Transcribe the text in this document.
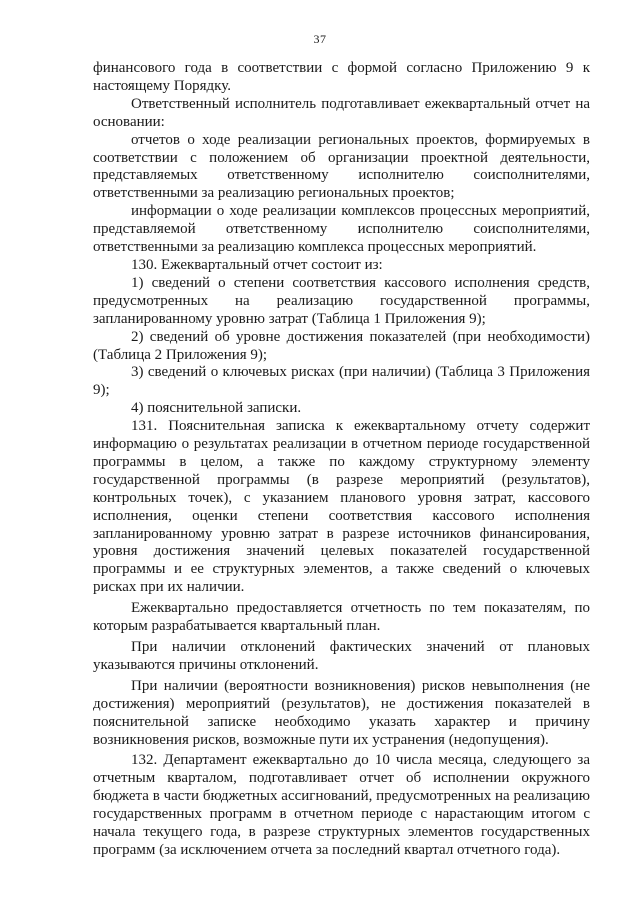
37

финансового года в соответствии с формой согласно Приложению 9 к настоящему Порядку.

Ответственный исполнитель подготавливает ежеквартальный отчет на основании:

отчетов о ходе реализации региональных проектов, формируемых в соответствии с положением об организации проектной деятельности, представляемых ответственному исполнителю соисполнителями, ответственными за реализацию региональных проектов;

информации о ходе реализации комплексов процессных мероприятий, представляемой ответственному исполнителю соисполнителями, ответственными за реализацию комплекса процессных мероприятий.

130. Ежеквартальный отчет состоит из:

1) сведений о степени соответствия кассового исполнения средств, предусмотренных на реализацию государственной программы, запланированному уровню затрат (Таблица 1 Приложения 9);

2) сведений об уровне достижения показателей (при необходимости) (Таблица 2 Приложения 9);

3) сведений о ключевых рисках (при наличии) (Таблица 3 Приложения 9);

4) пояснительной записки.

131. Пояснительная записка к ежеквартальному отчету содержит информацию о результатах реализации в отчетном периоде государственной программы в целом, а также по каждому структурному элементу государственной программы (в разрезе мероприятий (результатов), контрольных точек), с указанием планового уровня затрат, кассового исполнения, оценки степени соответствия кассового исполнения запланированному уровню затрат в разрезе источников финансирования, уровня достижения значений целевых показателей государственной программы и ее структурных элементов, а также сведений о ключевых рисках при их наличии.

Ежеквартально предоставляется отчетность по тем показателям, по которым разрабатывается квартальный план.

При наличии отклонений фактических значений от плановых указываются причины отклонений.

При наличии (вероятности возникновения) рисков невыполнения (не достижения) мероприятий (результатов), не достижения показателей в пояснительной записке необходимо указать характер и причину возникновения рисков, возможные пути их устранения (недопущения).

132. Департамент ежеквартально до 10 числа месяца, следующего за отчетным кварталом, подготавливает отчет об исполнении окружного бюджета в части бюджетных ассигнований, предусмотренных на реализацию государственных программ в отчетном периоде с нарастающим итогом с начала текущего года, в разрезе структурных элементов государственных программ (за исключением отчета за последний квартал отчетного года).
